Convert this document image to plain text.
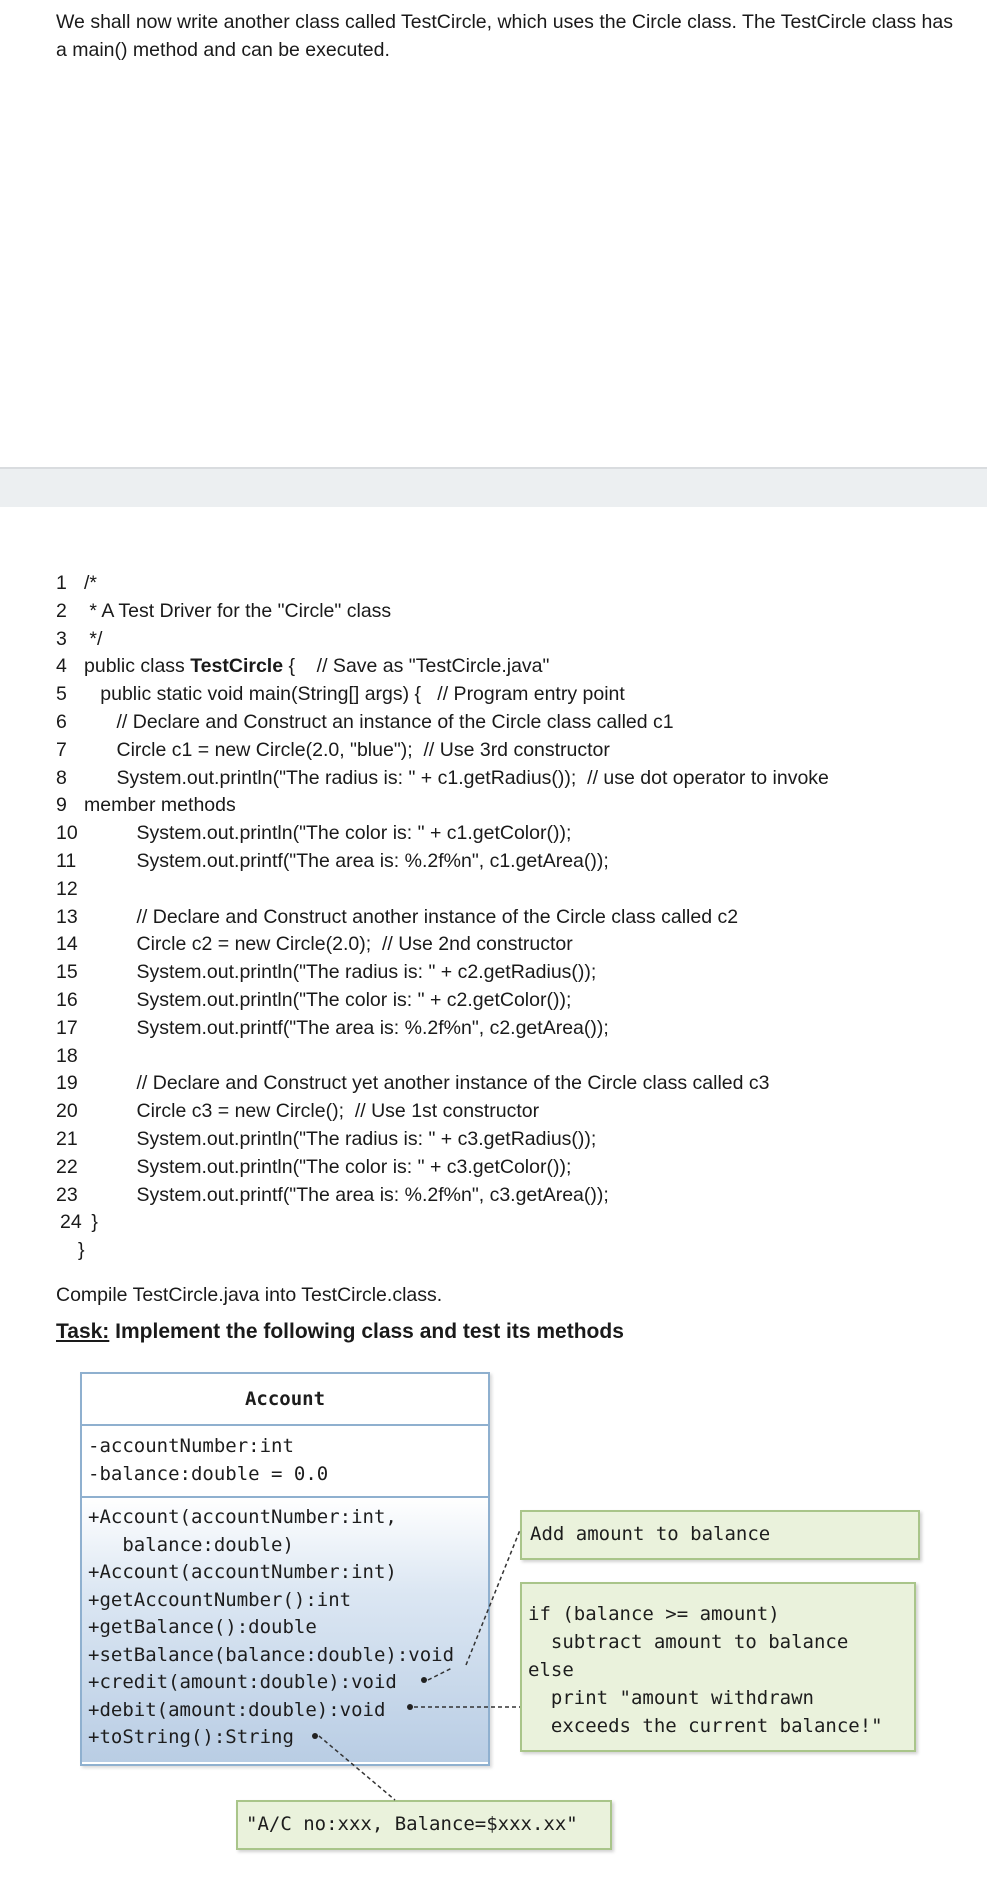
We shall now write another class called TestCircle, which uses the Circle class. The TestCircle class has a main() method and can be executed.
1 /*
2 * A Test Driver for the "Circle" class
3 */
4 public class TestCircle {    // Save as "TestCircle.java"
5 public static void main(String[] args) {   // Program entry point
6 // Declare and Construct an instance of the Circle class called c1
7 Circle c1 = new Circle(2.0, "blue");  // Use 3rd constructor
8 System.out.println("The radius is: " + c1.getRadius());  // use dot operator to invoke
9 member methods
10	System.out.println("The color is: " + c1.getColor());
11	System.out.printf("The area is: %.2f%n", c1.getArea());
12
13	// Declare and Construct another instance of the Circle class called c2
14	Circle c2 = new Circle(2.0);  // Use 2nd constructor
15	System.out.println("The radius is: " + c2.getRadius());
16	System.out.println("The color is: " + c2.getColor());
17	System.out.printf("The area is: %.2f%n", c2.getArea());
18
19	// Declare and Construct yet another instance of the Circle class called c3
20	Circle c3 = new Circle();  // Use 1st constructor
21	System.out.println("The radius is: " + c3.getRadius());
22	System.out.println("The color is: " + c3.getColor());
23	System.out.printf("The area is: %.2f%n", c3.getArea());
24 }
}
Compile TestCircle.java into TestCircle.class.
Task: Implement the following class and test its methods
Account
-accountNumber:int
-balance:double = 0.0
+Account(accountNumber:int,
balance:double)
+Account(accountNumber:int)
+getAccountNumber():int
+getBalance():double
+setBalance(balance:double):void
+credit(amount:double):void
+debit(amount:double):void
+toString():String
Add amount to balance
if (balance >= amount)
subtract amount to balance
else
print "amount withdrawn
exceeds the current balance!"
"A/C no:xxx, Balance=$xxx.xx"
